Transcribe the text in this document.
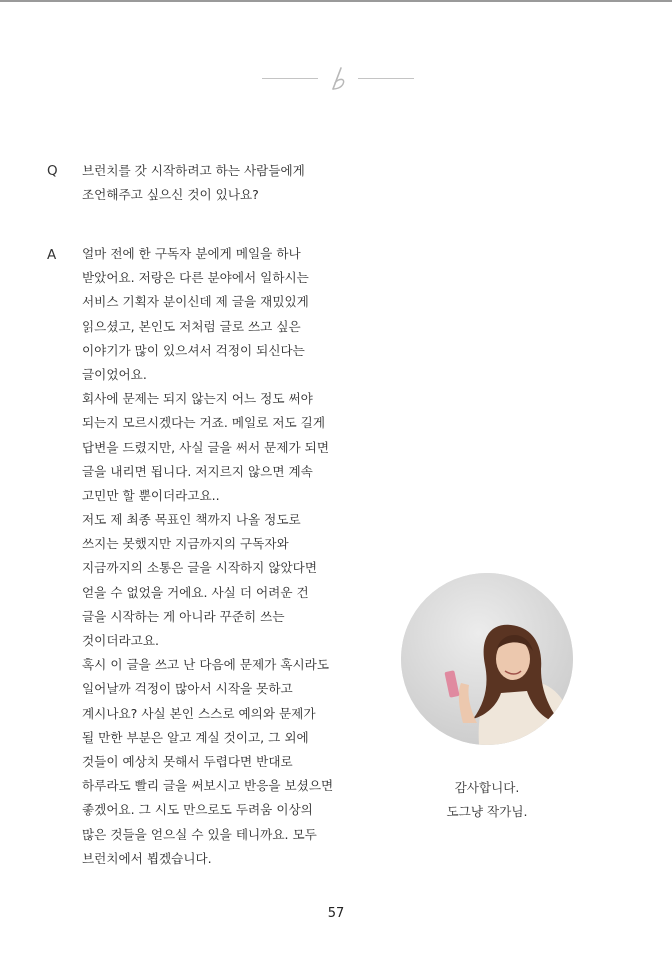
Q 브런치를 갓 시작하려고 하는 사람들에게
조언해주고 싶으신 것이 있나요?
A 얼마 전에 한 구독자 분에게 메일을 하나
받았어요. 저랑은 다른 분야에서 일하시는
서비스 기획자 분이신데 제 글을 재밌있게
읽으셨고, 본인도 저처럼 글로 쓰고 싶은
이야기가 많이 있으셔서 걱정이 되신다는
글이었어요.
회사에 문제는 되지 않는지 어느 정도 써야
되는지 모르시겠다는 거죠. 메일로 저도 길게
답변을 드렸지만, 사실 글을 써서 문제가 되면
글을 내리면 됩니다. 저지르지 않으면 계속
고민만 할 뿐이더라고요..
저도 제 최종 목표인 책까지 나올 정도로
쓰지는 못했지만 지금까지의 구독자와
지금까지의 소통은 글을 시작하지 않았다면
얻을 수 없었을 거에요. 사실 더 어려운 건
글을 시작하는 게 아니라 꾸준히 쓰는
것이더라고요.
혹시 이 글을 쓰고 난 다음에 문제가 혹시라도
일어날까 걱정이 많아서 시작을 못하고
계시나요? 사실 본인 스스로 예의와 문제가
될 만한 부분은 알고 계실 것이고, 그 외에
것들이 예상치 못해서 두렵다면 반대로
하루라도 빨리 글을 써보시고 반응을 보셨으면
좋겠어요. 그 시도 만으로도 두려움 이상의
많은 것들을 얻으실 수 있을 테니까요. 모두
브런치에서 뵙겠습니다.
감사합니다.
도그냥 작가님.
57
